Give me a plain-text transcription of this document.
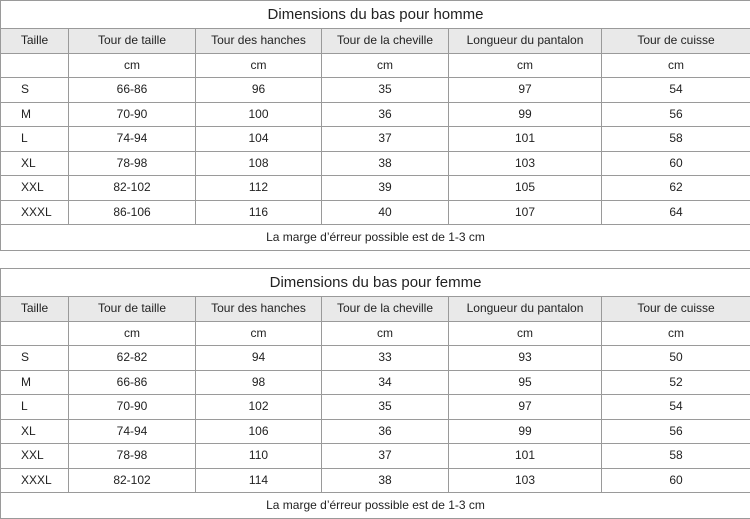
Dimensions du bas pour homme					
Taille	Tour de taille	Tour des hanches	Tour de la cheville	Longueur du pantalon	Tour de cuisse
	cm	cm	cm	cm	cm
S	66-86	96	35	97	54
M	70-90	100	36	99	56
L	74-94	104	37	101	58
XL	78-98	108	38	103	60
XXL	82-102	112	39	105	62
XXXL	86-106	116	40	107	64
La marge d’érreur possible est de 1-3 cm					
Dimensions du bas pour femme					
Taille	Tour de taille	Tour des hanches	Tour de la cheville	Longueur du pantalon	Tour de cuisse
	cm	cm	cm	cm	cm
S	62-82	94	33	93	50
M	66-86	98	34	95	52
L	70-90	102	35	97	54
XL	74-94	106	36	99	56
XXL	78-98	110	37	101	58
XXXL	82-102	114	38	103	60
La marge d’érreur possible est de 1-3 cm					
